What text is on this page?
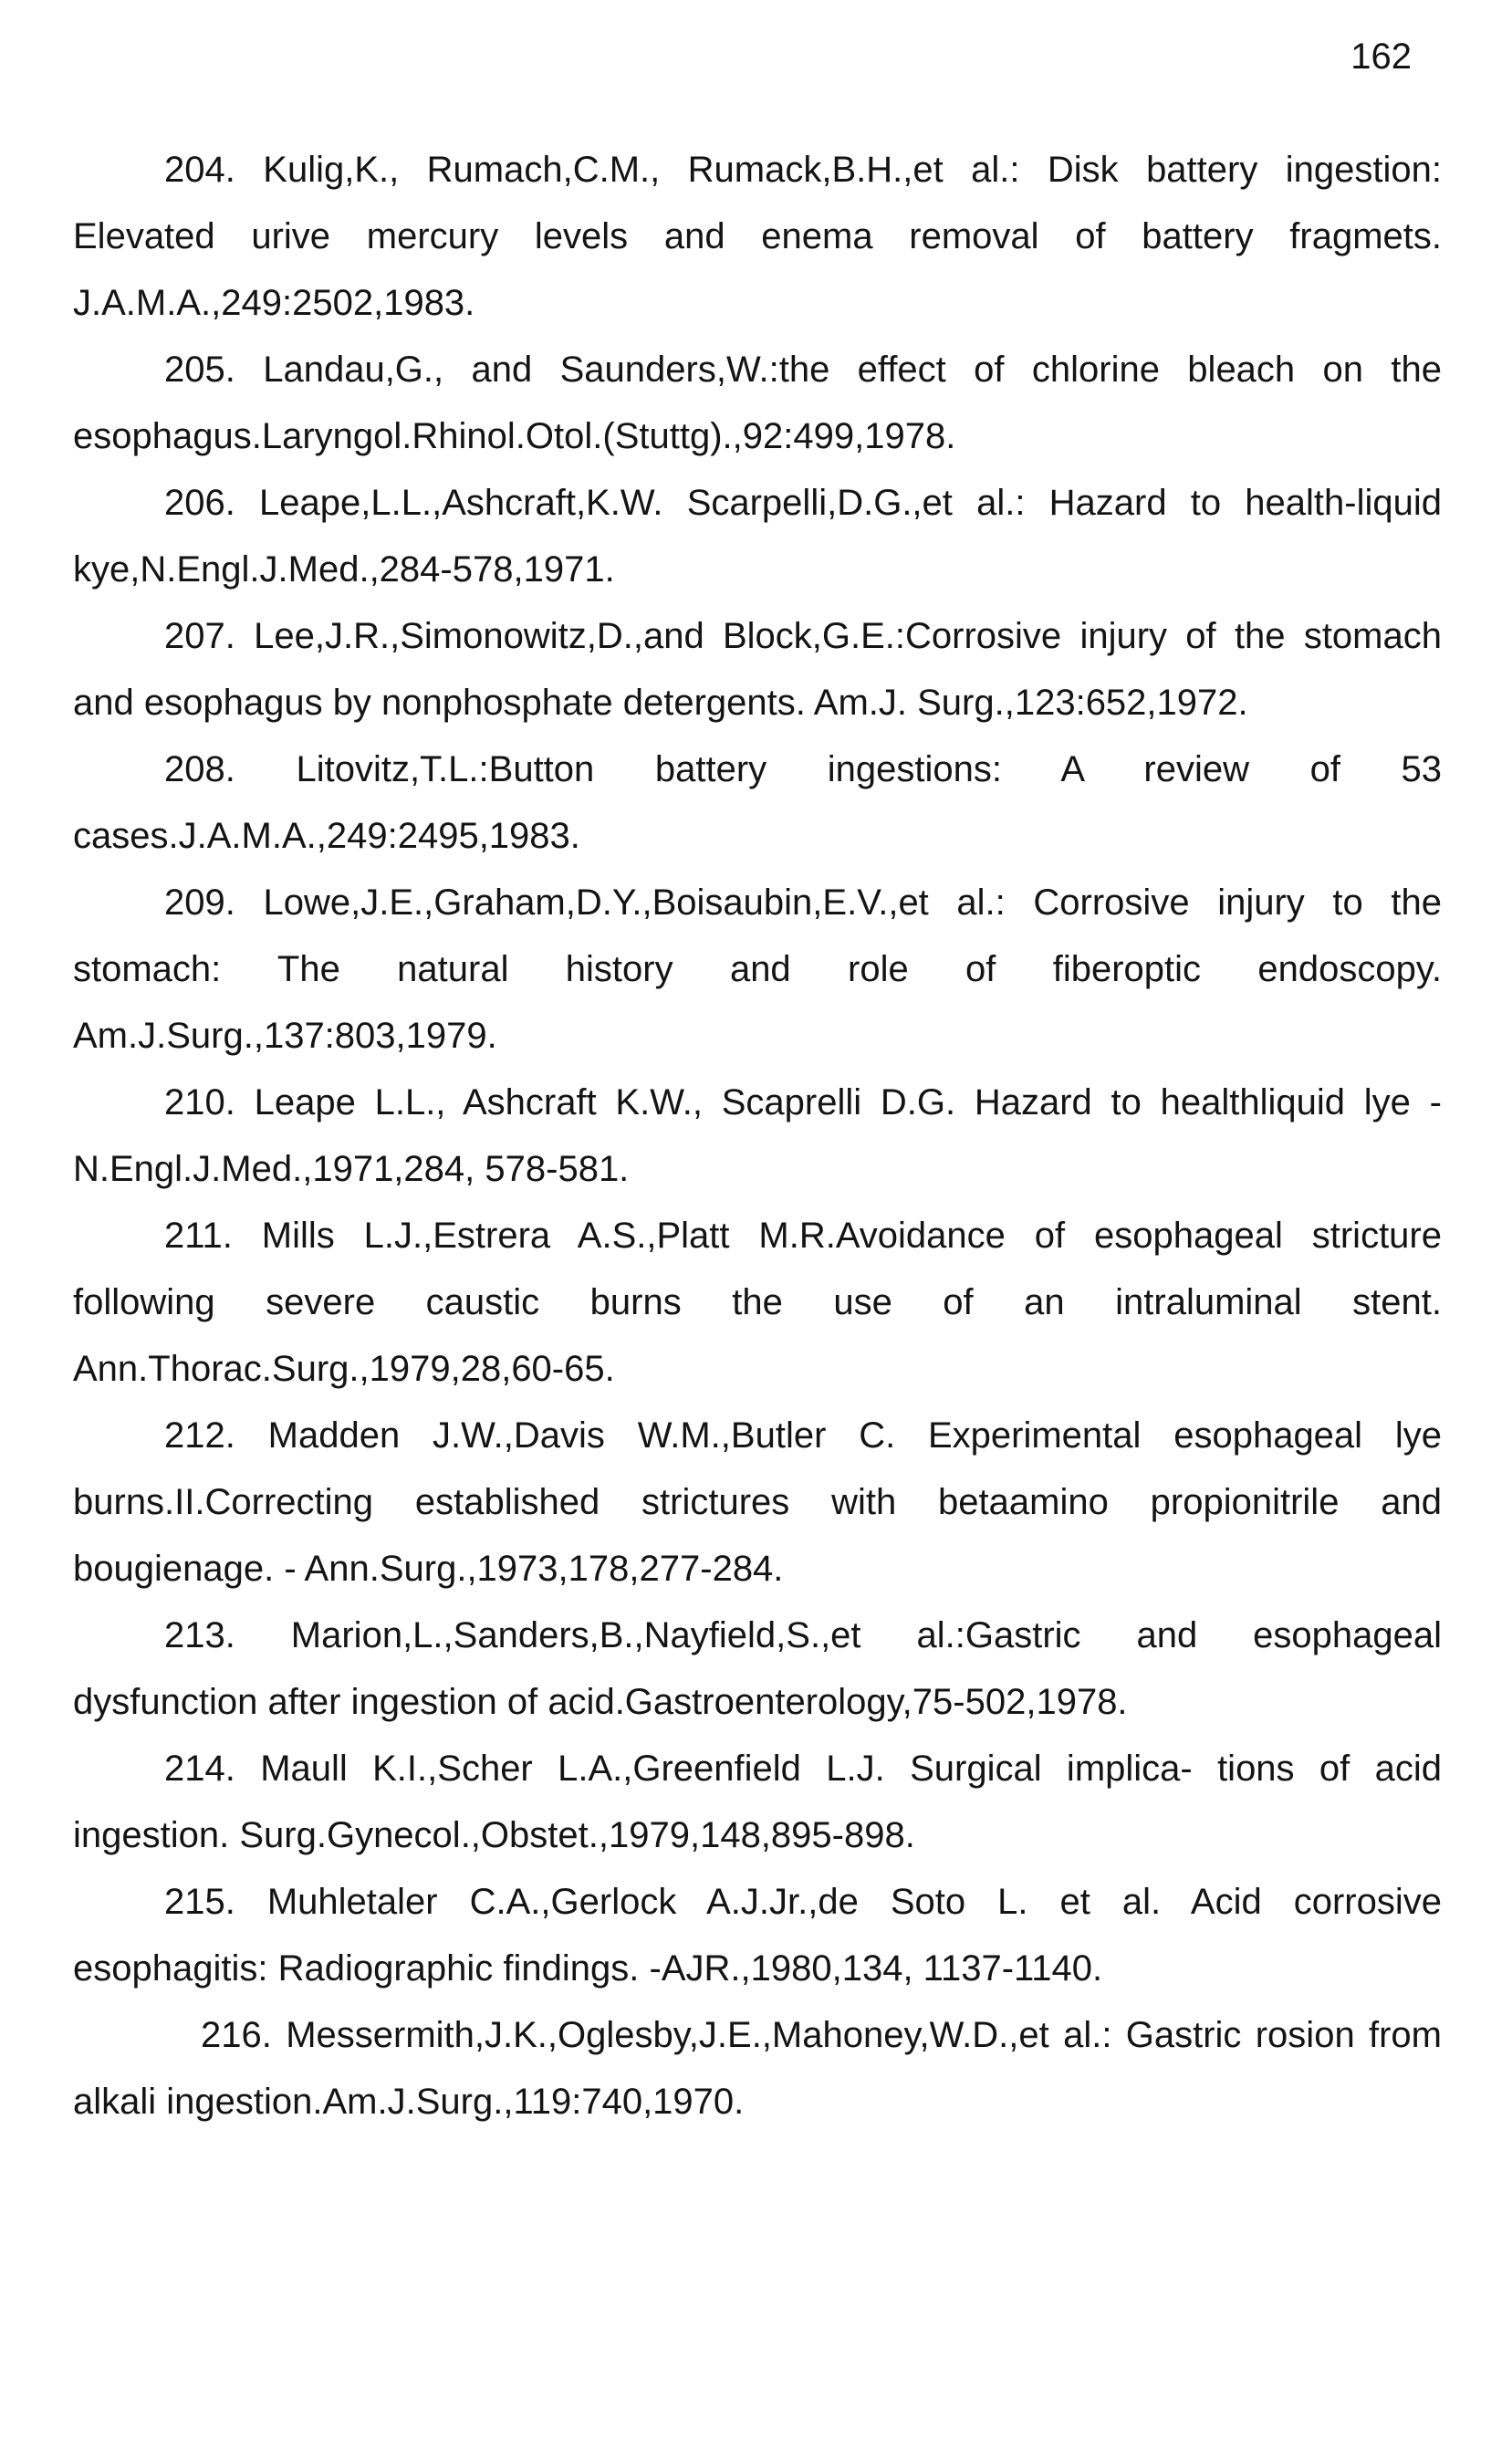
162

204. Kulig,K., Rumach,C.M., Rumack,B.H.,et al.: Disk battery ingestion: Elevated urive mercury levels and enema removal of battery fragmets. J.A.M.A.,249:2502,1983.

205. Landau,G., and Saunders,W.:the effect of chlorine bleach on the esophagus.Laryngol.Rhinol.Otol.(Stuttg).,92:499,1978.

206. Leape,L.L.,Ashcraft,K.W. Scarpelli,D.G.,et al.: Hazard to health-liquid kye,N.Engl.J.Med.,284-578,1971.

207. Lee,J.R.,Simonowitz,D.,and Block,G.E.:Corrosive injury of the stomach and esophagus by nonphosphate detergents. Am.J. Surg.,123:652,1972.

208. Litovitz,T.L.:Button battery ingestions: A review of 53 cases.J.A.M.A.,249:2495,1983.

209. Lowe,J.E.,Graham,D.Y.,Boisaubin,E.V.,et al.: Corrosive injury to the stomach: The natural history and role of fiberoptic endoscopy. Am.J.Surg.,137:803,1979.

210. Leape L.L., Ashcraft K.W., Scaprelli D.G. Hazard to healthliquid lye - N.Engl.J.Med.,1971,284, 578-581.

211. Mills L.J.,Estrera A.S.,Platt M.R.Avoidance of esophageal stricture following severe caustic burns the use of an intraluminal stent. Ann.Thorac.Surg.,1979,28,60-65.

212. Madden J.W.,Davis W.M.,Butler C. Experimental esophageal lye burns.II.Correcting established strictures with betaamino propionitrile and bougienage. - Ann.Surg.,1973,178,277-284.

213. Marion,L.,Sanders,B.,Nayfield,S.,et al.:Gastric and esophageal dysfunction after ingestion of acid.Gastroenterology,75-502,1978.

214. Maull K.I.,Scher L.A.,Greenfield L.J. Surgical implica- tions of acid ingestion. Surg.Gynecol.,Obstet.,1979,148,895-898.

215. Muhletaler C.A.,Gerlock A.J.Jr.,de Soto L. et al. Acid corrosive esophagitis: Radiographic findings. -AJR.,1980,134, 1137-1140.

216. Messermith,J.K.,Oglesby,J.E.,Mahoney,W.D.,et al.: Gastric rosion from alkali ingestion.Am.J.Surg.,119:740,1970.
